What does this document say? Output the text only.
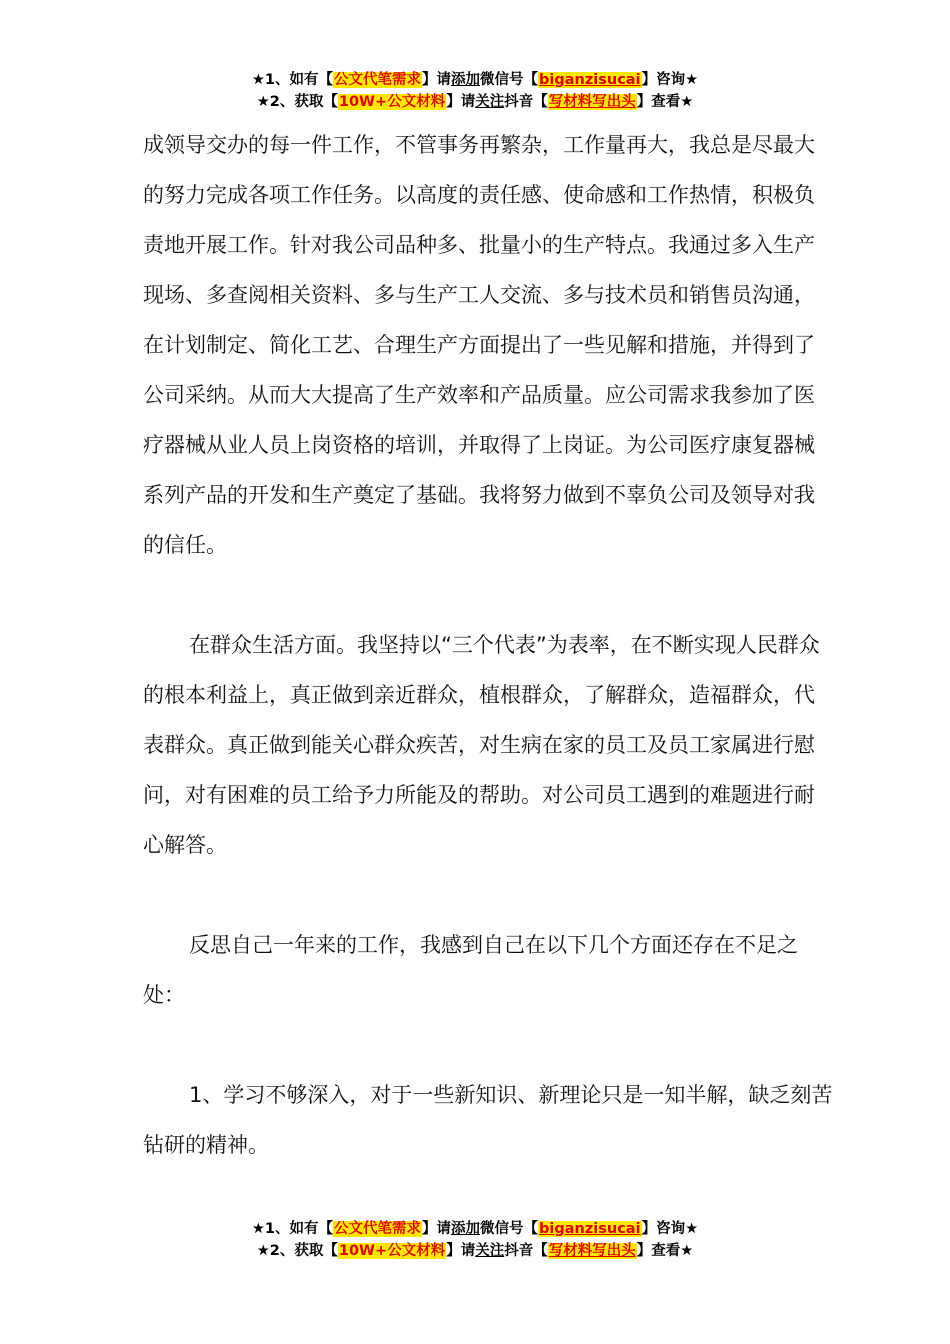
★1、如有【公文代笔需求】请添加微信号【biganzisucai】咨询★
★2、获取【10W+公文材料】请关注抖音【写材料写出头】查看★

成领导交办的每一件工作，不管事务再繁杂，工作量再大，我总是尽最大的努力完成各项工作任务。以高度的责任感、使命感和工作热情，积极负责地开展工作。针对我公司品种多、批量小的生产特点。我通过多入生产现场、多查阅相关资料、多与生产工人交流、多与技术员和销售员沟通，在计划制定、简化工艺、合理生产方面提出了一些见解和措施，并得到了公司采纳。从而大大提高了生产效率和产品质量。应公司需求我参加了医疗器械从业人员上岗资格的培训，并取得了上岗证。为公司医疗康复器械系列产品的开发和生产奠定了基础。我将努力做到不辜负公司及领导对我的信任。

在群众生活方面。我坚持以“三个代表”为表率，在不断实现人民群众的根本利益上，真正做到亲近群众，植根群众，了解群众，造福群众，代表群众。真正做到能关心群众疾苦，对生病在家的员工及员工家属进行慰问，对有困难的员工给予力所能及的帮助。对公司员工遇到的难题进行耐心解答。

反思自己一年来的工作，我感到自己在以下几个方面还存在不足之处：

1、学习不够深入，对于一些新知识、新理论只是一知半解，缺乏刻苦钻研的精神。

★1、如有【公文代笔需求】请添加微信号【biganzisucai】咨询★
★2、获取【10W+公文材料】请关注抖音【写材料写出头】查看★
